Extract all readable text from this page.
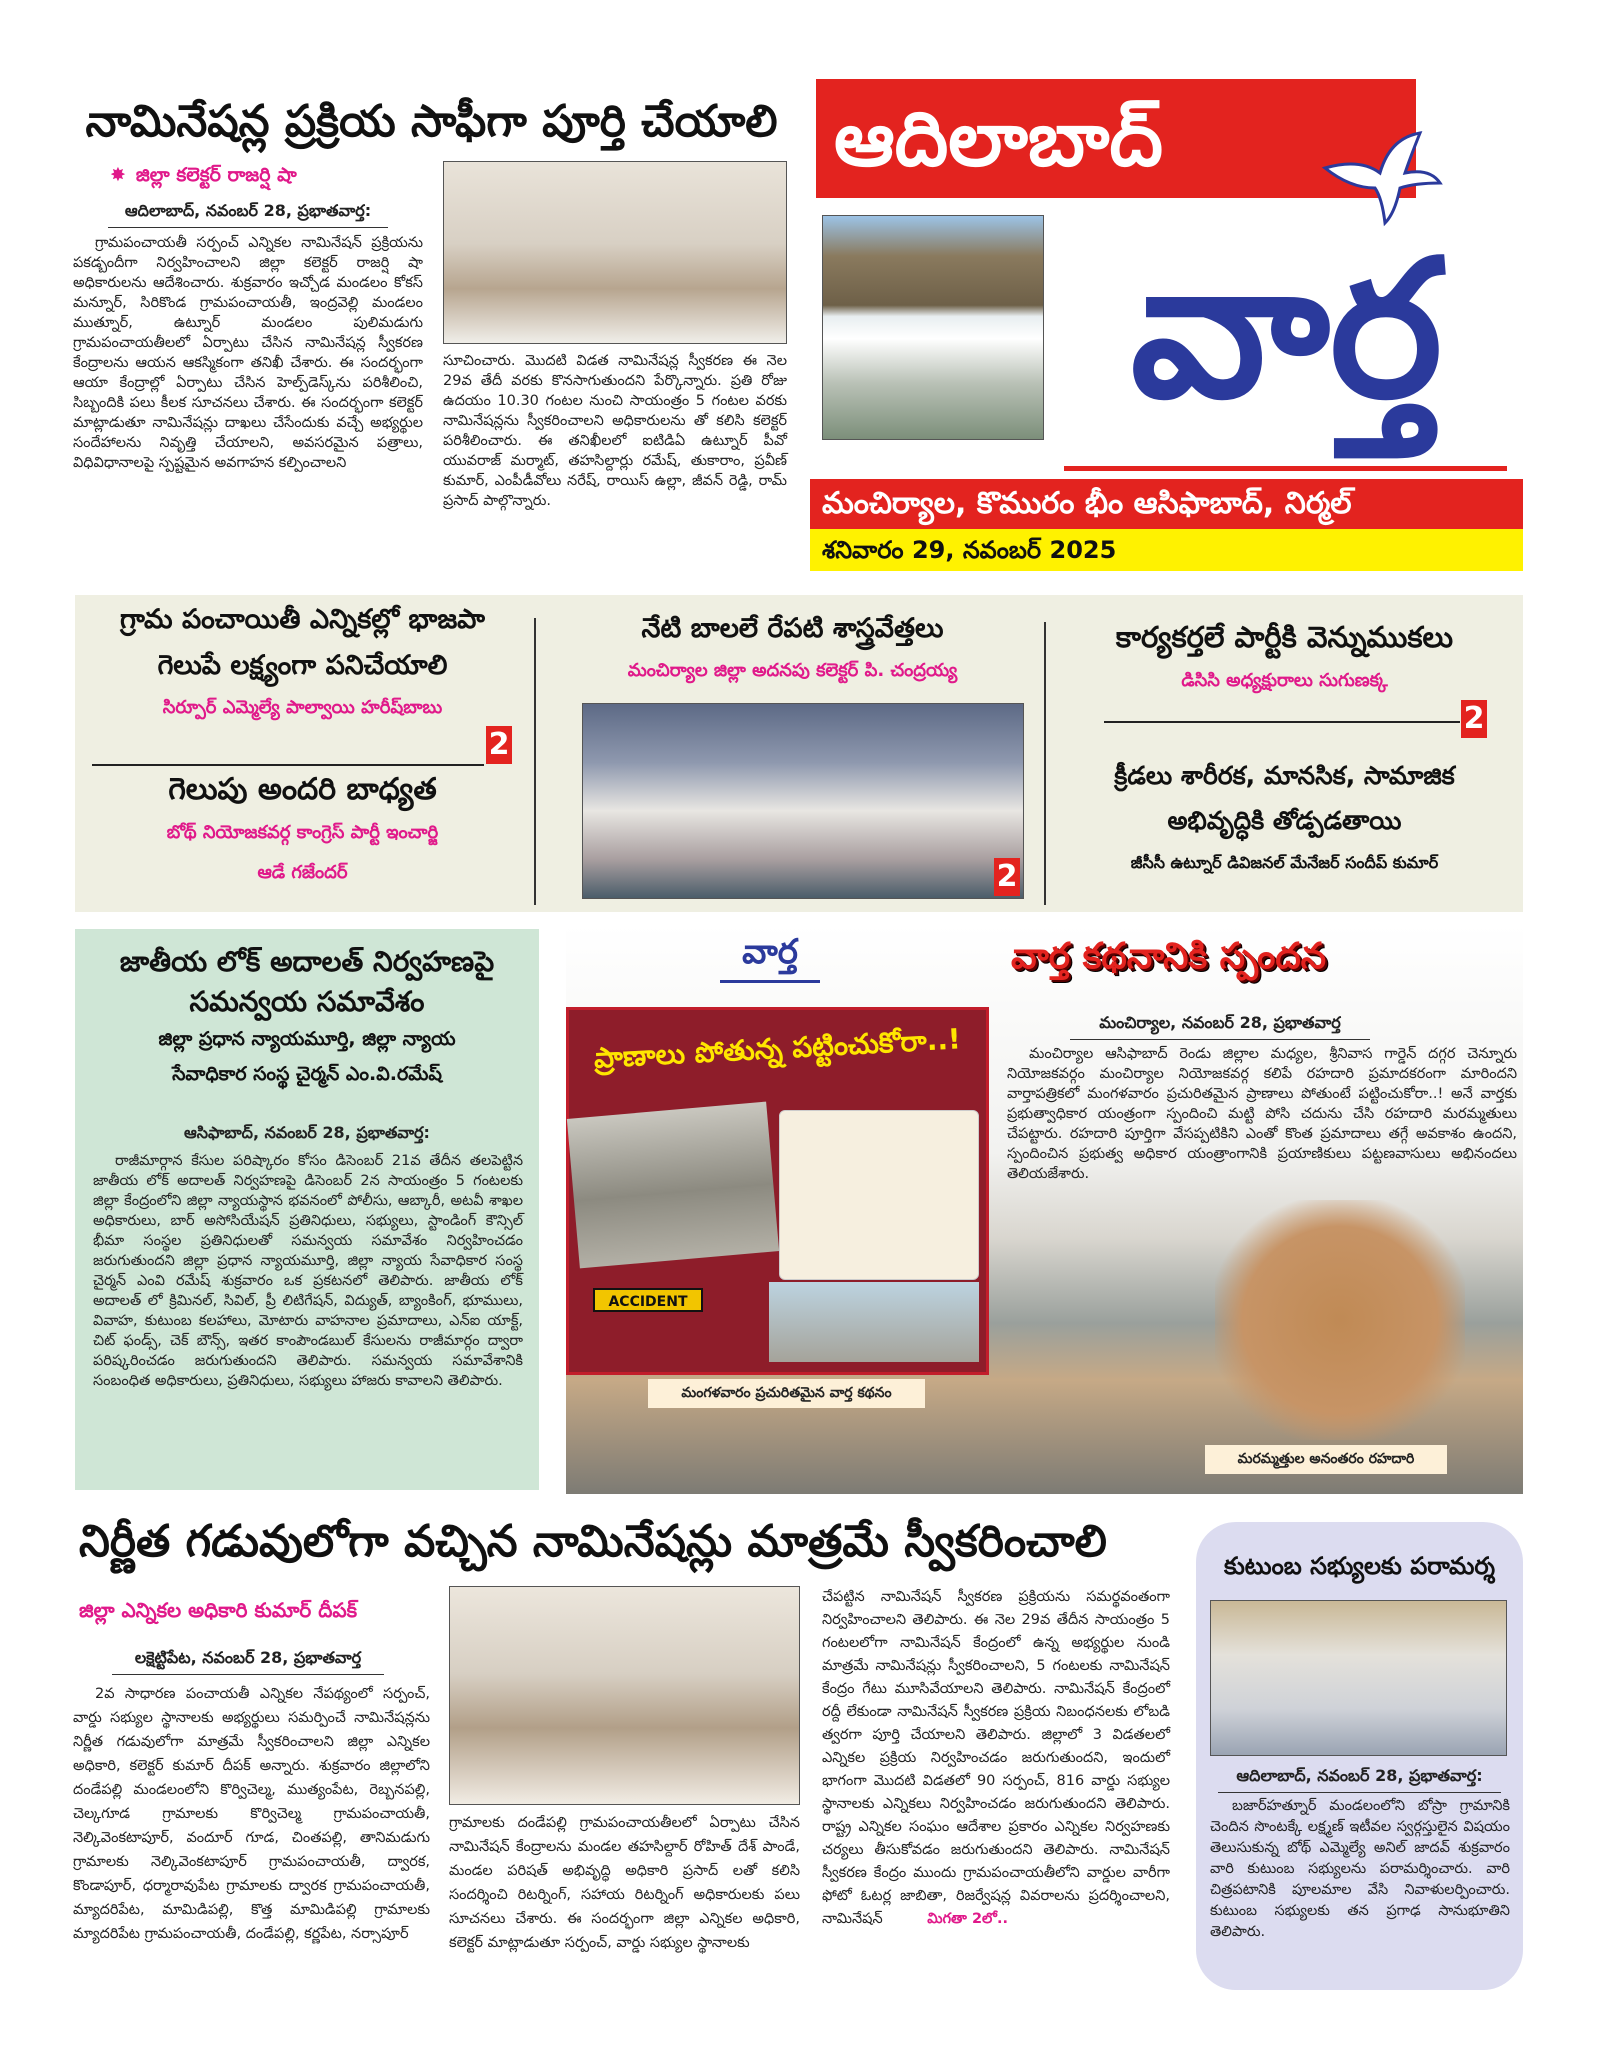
నామినేషన్ల ప్రక్రియ సాఫీగా పూర్తి చేయాలి
✸ జిల్లా కలెక్టర్ రాజర్షి షా
ఆదిలాబాద్, నవంబర్ 28, ప్రభాతవార్త:
గ్రామపంచాయతీ సర్పంచ్ ఎన్నికల నామినేషన్ ప్రక్రియను పకడ్బందీగా నిర్వహించాలని జిల్లా కలెక్టర్ రాజర్షి షా అధికారులను ఆదేశించారు. శుక్రవారం ఇచ్చోడ మండలం కోకస్ మన్నూర్, సిరికొండ గ్రామపంచాయతీ, ఇంద్రవెల్లి మండలం ముత్నూర్, ఉట్నూర్ మండలం పులిమడుగు గ్రామపంచాయతీలలో ఏర్పాటు చేసిన నామినేషన్ల స్వీకరణ కేంద్రాలను ఆయన ఆకస్మికంగా తనిఖీ చేశారు. ఈ సందర్భంగా ఆయా కేంద్రాల్లో ఏర్పాటు చేసిన హెల్ప్‌డెస్క్‌ను పరిశీలించి, సిబ్బందికి పలు కీలక సూచనలు చేశారు. ఈ సందర్భంగా కలెక్టర్ మాట్లాడుతూ నామినేషన్లు దాఖలు చేసేందుకు వచ్చే అభ్యర్థుల సందేహాలను నివృత్తి చేయాలని, అవసరమైన పత్రాలు, విధివిధానాలపై స్పష్టమైన అవగాహన కల్పించాలని
సూచించారు. మొదటి విడత నామినేషన్ల స్వీకరణ ఈ నెల 29వ తేదీ వరకు కొనసాగుతుందని పేర్కొన్నారు. ప్రతి రోజు ఉదయం 10.30 గంటల నుంచి సాయంత్రం 5 గంటల వరకు నామినేషన్లను స్వీకరించాలని అధికారులను తో కలిసి కలెక్టర్ పరిశీలించారు. ఈ తనిఖీలలో ఐటిడిఏ ఉట్నూర్ పీవో యువరాజ్ మర్మాట్, తహసిల్దార్లు రమేష్, తుకారాం, ప్రవీణ్ కుమార్, ఎంపీడీవోలు నరేష్, రాయిస్ ఉల్లా, జీవన్ రెడ్డి, రామ్ ప్రసాద్ పాల్గొన్నారు.
ఆదిలాబాద్
వార్త
మంచిర్యాల, కొమురం భీం ఆసిఫాబాద్, నిర్మల్
శనివారం 29, నవంబర్ 2025
గ్రామ పంచాయితీ ఎన్నికల్లో భాజపా
గెలుపే లక్ష్యంగా పనిచేయాలి
సిర్పూర్ ఎమ్మెల్యే పాల్వాయి హరీష్‌బాబు
2
గెలుపు అందరి బాధ్యత
బోథ్ నియోజకవర్గ కాంగ్రెస్ పార్టీ ఇంచార్జి
ఆడే గజేందర్
నేటి బాలలే రేపటి శాస్త్రవేత్తలు
మంచిర్యాల జిల్లా అదనపు కలెక్టర్ పి. చంద్రయ్య
2
కార్యకర్తలే పార్టీకి వెన్నుముకలు
డిసిసి అధ్యక్షురాలు సుగుణక్క
2
క్రీడలు శారీరక, మానసిక, సామాజిక
అభివృద్ధికి తోడ్పడతాయి
జీసీసీ ఉట్నూర్ డివిజనల్ మేనేజర్ సందీప్ కుమార్
జాతీయ లోక్ అదాలత్ నిర్వహణపై
సమన్వయ సమావేశం
జిల్లా ప్రధాన న్యాయమూర్తి, జిల్లా న్యాయ
సేవాధికార సంస్థ చైర్మన్ ఎం.వి.రమేష్
ఆసిఫాబాద్, నవంబర్ 28, ప్రభాతవార్త:
రాజీమార్గాన కేసుల పరిష్కారం కోసం డిసెంబర్ 21వ తేదీన తలపెట్టిన జాతీయ లోక్ అదాలత్ నిర్వహణపై డిసెంబర్ 2న సాయంత్రం 5 గంటలకు జిల్లా కేంద్రంలోని జిల్లా న్యాయస్థాన భవనంలో పోలీసు, ఆబ్కారీ, అటవీ శాఖల అధికారులు, బార్ అసోసియేషన్ ప్రతినిధులు, సభ్యులు, స్టాండింగ్ కౌన్సిల్ భీమా సంస్థల ప్రతినిధులతో సమన్వయ సమావేశం నిర్వహించడం జరుగుతుందని జిల్లా ప్రధాన న్యాయమూర్తి, జిల్లా న్యాయ సేవాధికార సంస్థ చైర్మన్ ఎంవి రమేష్ శుక్రవారం ఒక ప్రకటనలో తెలిపారు. జాతీయ లోక్ అదాలత్ లో క్రిమినల్, సివిల్, ప్రీ లిటిగేషన్, విద్యుత్, బ్యాంకింగ్, భూములు, వివాహ, కుటుంబ కలహాలు, మోటారు వాహనాల ప్రమాదాలు, ఎన్ఐ యాక్ట్, చిట్ ఫండ్స్, చెక్ బౌన్స్, ఇతర కాంపౌండబుల్ కేసులను రాజీమార్గం ద్వారా పరిష్కరించడం జరుగుతుందని తెలిపారు. సమన్వయ సమావేశానికి సంబంధిత అధికారులు, ప్రతినిధులు, సభ్యులు హాజరు కావాలని తెలిపారు.
వార్త
ప్రాణాలు పోతున్న పట్టించుకోరా..!
ACCIDENT
వార్త కథనానికి స్పందన
మంచిర్యాల, నవంబర్ 28, ప్రభాతవార్త
మంచిర్యాల ఆసిఫాబాద్ రెండు జిల్లాల మధ్యల, శ్రీనివాస గార్డెన్ దగ్గర చెన్నూరు నియోజకవర్గం మంచిర్యాల నియోజకవర్గ కలిపే రహదారి ప్రమాదకరంగా మారిందని వార్తాపత్రికలో మంగళవారం ప్రచురితమైన ప్రాణాలు పోతుంటే పట్టించుకోరా..! అనే వార్తకు ప్రభుత్వాధికార యంత్రంగా స్పందించి మట్టి పోసి చదును చేసి రహదారి మరమ్మతులు చేపట్టారు. రహదారి పూర్తిగా వేసప్పటికిని ఎంతో కొంత ప్రమాదాలు తగ్గే అవకాశం ఉందని, స్పందించిన ప్రభుత్వ అధికార యంత్రాంగానికి ప్రయాణికులు పట్టణవాసులు అభినందలు తెలియజేశారు.
మంగళవారం ప్రచురితమైన వార్త కథనం
మరమ్మత్తుల అనంతరం రహదారి
నిర్ణీత గడువులోగా వచ్చిన నామినేషన్లు మాత్రమే స్వీకరించాలి
జిల్లా ఎన్నికల అధికారి కుమార్ దీపక్
లక్షెట్టిపేట, నవంబర్ 28, ప్రభాతవార్త
2వ సాధారణ పంచాయతీ ఎన్నికల నేపథ్యంలో సర్పంచ్, వార్డు సభ్యుల స్థానాలకు అభ్యర్థులు సమర్పించే నామినేషన్లను నిర్ణీత గడువులోగా మాత్రమే స్వీకరించాలని జిల్లా ఎన్నికల అధికారి, కలెక్టర్ కుమార్ దీపక్ అన్నారు. శుక్రవారం జిల్లాలోని దండేపల్లి మండలంలోని కొర్విచెల్మ, ముత్యంపేట, రెబ్బనపల్లి, చెల్కగూడ గ్రామాలకు కొర్విచెల్మ గ్రామపంచాయతీ, నెల్కివెంకటాపూర్, వందూర్ గూడ, చింతపల్లి, తానిమడుగు గ్రామాలకు నెల్కివెంకటాపూర్ గ్రామపంచాయతీ, ద్వారక, కొండాపూర్, ధర్మారావుపేట గ్రామాలకు ద్వారక గ్రామపంచాయతీ, మ్యాదరిపేట, మామిడిపల్లి, కొత్త మామిడిపల్లి గ్రామాలకు మ్యాదరిపేట గ్రామపంచాయతీ, దండేపల్లి, కర్ణపేట, నర్సాపూర్
గ్రామాలకు దండేపల్లి గ్రామపంచాయతీలలో ఏర్పాటు చేసిన నామినేషన్ కేంద్రాలను మండల తహసిల్దార్ రోహిత్ దేశ్ పాండే, మండల పరిషత్ అభివృద్ధి అధికారి ప్రసాద్ లతో కలిసి సందర్శించి రిటర్నింగ్, సహాయ రిటర్నింగ్ అధికారులకు పలు సూచనలు చేశారు. ఈ సందర్భంగా జిల్లా ఎన్నికల అధికారి, కలెక్టర్ మాట్లాడుతూ సర్పంచ్, వార్డు సభ్యుల స్థానాలకు
చేపట్టిన నామినేషన్ స్వీకరణ ప్రక్రియను సమర్థవంతంగా నిర్వహించాలని తెలిపారు. ఈ నెల 29వ తేదీన సాయంత్రం 5 గంటలలోగా నామినేషన్ కేంద్రంలో ఉన్న అభ్యర్థుల నుండి మాత్రమే నామినేషన్లు స్వీకరించాలని, 5 గంటలకు నామినేషన్ కేంద్రం గేటు మూసివేయాలని తెలిపారు. నామినేషన్ కేంద్రంలో రద్దీ లేకుండా నామినేషన్ స్వీకరణ ప్రక్రియ నిబంధనలకు లోబడి త్వరగా పూర్తి చేయాలని తెలిపారు. జిల్లాలో 3 విడతలలో ఎన్నికల ప్రక్రియ నిర్వహించడం జరుగుతుందని, ఇందులో భాగంగా మొదటి విడతలో 90 సర్పంచ్, 816 వార్డు సభ్యుల స్థానాలకు ఎన్నికలు నిర్వహించడం జరుగుతుందని తెలిపారు. రాష్ట్ర ఎన్నికల సంఘం ఆదేశాల ప్రకారం ఎన్నికల నిర్వహణకు చర్యలు తీసుకోవడం జరుగుతుందని తెలిపారు. నామినేషన్ స్వీకరణ కేంద్రం ముందు గ్రామపంచాయతీలోని వార్డుల వారీగా ఫోటో ఓటర్ల జాబితా, రిజర్వేషన్ల వివరాలను ప్రదర్శించాలని, నామినేషన్	మిగతా 2లో..
కుటుంబ సభ్యులకు పరామర్శ
ఆదిలాబాద్, నవంబర్ 28, ప్రభాతవార్త:
బజార్‌హత్నూర్ మండలంలోని బోస్రా గ్రామానికి చెందిన సొంటక్కే లక్ష్మణ్ ఇటీవల స్వర్గస్తులైన విషయం తెలుసుకున్న బోథ్ ఎమ్మెల్యే అనిల్ జాదవ్ శుక్రవారం వారి కుటుంబ సభ్యులను పరామర్శించారు. వారి చిత్రపటానికి పూలమాల వేసి నివాళులర్పించారు. కుటుంబ సభ్యులకు తన ప్రగాఢ సానుభూతిని తెలిపారు.
